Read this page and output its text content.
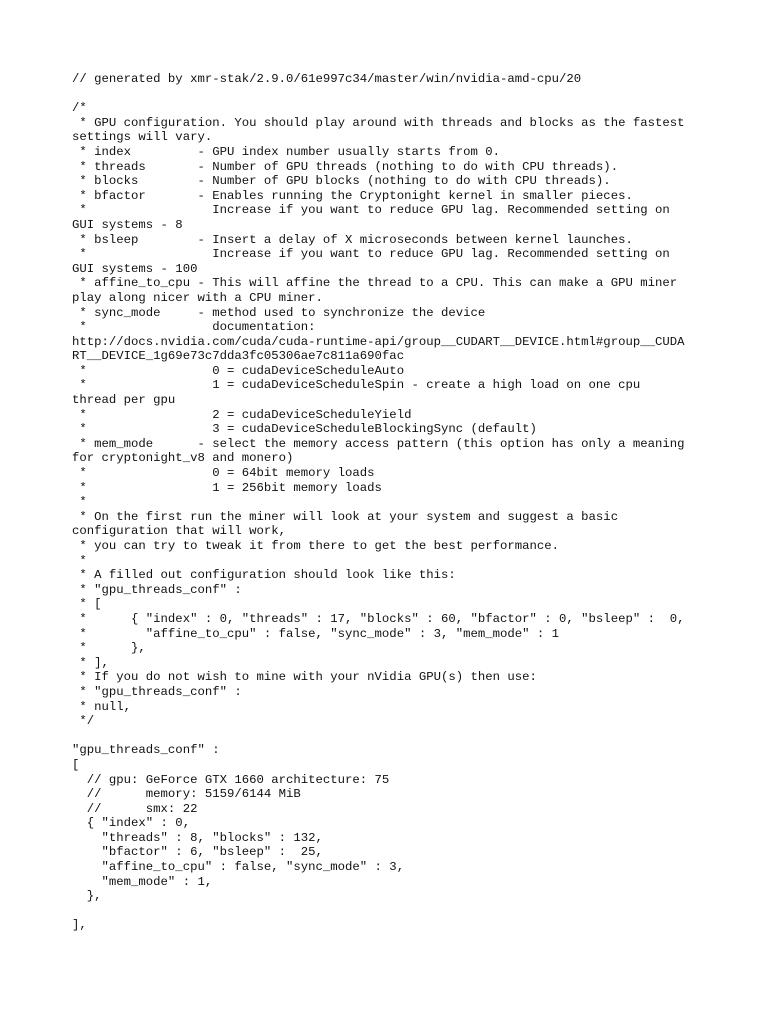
// generated by xmr-stak/2.9.0/61e997c34/master/win/nvidia-amd-cpu/20
/*
* GPU configuration. You should play around with threads and blocks as the fastest
settings will vary.
* index         - GPU index number usually starts from 0.
* threads       - Number of GPU threads (nothing to do with CPU threads).
* blocks        - Number of GPU blocks (nothing to do with CPU threads).
* bfactor       - Enables running the Cryptonight kernel in smaller pieces.
*                 Increase if you want to reduce GPU lag. Recommended setting on
GUI systems - 8
* bsleep        - Insert a delay of X microseconds between kernel launches.
*                 Increase if you want to reduce GPU lag. Recommended setting on
GUI systems - 100
* affine_to_cpu - This will affine the thread to a CPU. This can make a GPU miner
play along nicer with a CPU miner.
* sync_mode     - method used to synchronize the device
*                 documentation:
http://docs.nvidia.com/cuda/cuda-runtime-api/group__CUDART__DEVICE.html#group__CUDA
RT__DEVICE_1g69e73c7dda3fc05306ae7c811a690fac
*                 0 = cudaDeviceScheduleAuto
*                 1 = cudaDeviceScheduleSpin - create a high load on one cpu
thread per gpu
*                 2 = cudaDeviceScheduleYield
*                 3 = cudaDeviceScheduleBlockingSync (default)
* mem_mode      - select the memory access pattern (this option has only a meaning
for cryptonight_v8 and monero)
*                 0 = 64bit memory loads
*                 1 = 256bit memory loads
*
* On the first run the miner will look at your system and suggest a basic
configuration that will work,
* you can try to tweak it from there to get the best performance.
*
* A filled out configuration should look like this:
* "gpu_threads_conf" :
* [
*      { "index" : 0, "threads" : 17, "blocks" : 60, "bfactor" : 0, "bsleep" :  0,
*        "affine_to_cpu" : false, "sync_mode" : 3, "mem_mode" : 1
*      },
* ],
* If you do not wish to mine with your nVidia GPU(s) then use:
* "gpu_threads_conf" :
* null,
*/
"gpu_threads_conf" :
[
// gpu: GeForce GTX 1660 architecture: 75
//      memory: 5159/6144 MiB
//      smx: 22
{ "index" : 0,
"threads" : 8, "blocks" : 132,
"bfactor" : 6, "bsleep" :  25,
"affine_to_cpu" : false, "sync_mode" : 3,
"mem_mode" : 1,
},
],
